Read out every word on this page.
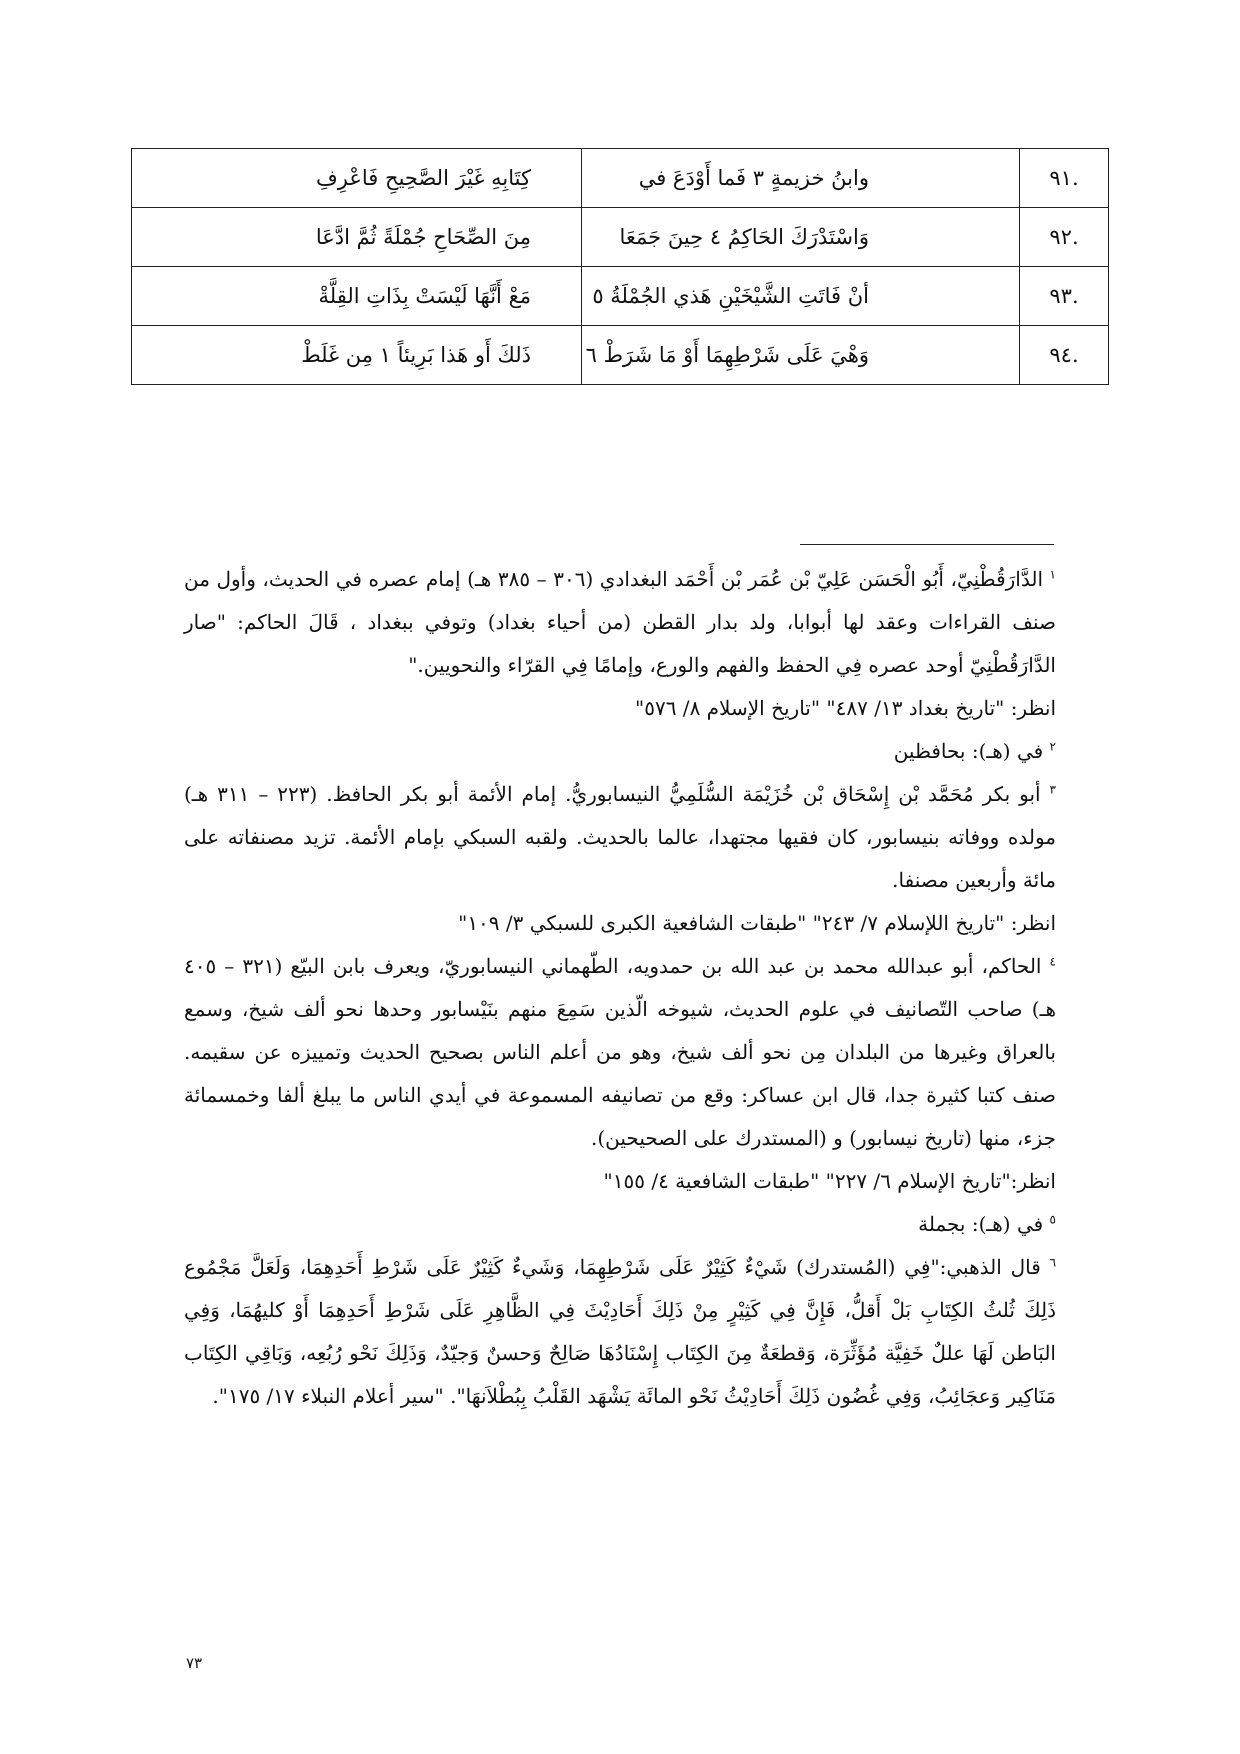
.٩١	وابنُ خزيمةٍ ٣ فَما أَوْدَعَ في	كِتَابِهِ غَيْرَ الصَّحِيحِ فَاعْرِفِ
.٩٢	وَاسْتَدْرَكَ الحَاكِمُ ٤ حِينَ جَمَعَا	مِنَ الصِّحَاحِ جُمْلَةً ثُمَّ ادَّعَا
.٩٣	أنْ فَاتَتِ الشَّيْخَيْنِ هَذي الجُمْلَةُ ٥	مَعْ أَنَّهَا لَيْسَتْ بِذَاتِ القِلَّةْ
.٩٤	وَهْيَ عَلَى شَرْطِهِمَا أَوْ مَا شَرَطْ ٦	ذَلكَ أَو هَذا بَرِيئاً ١ مِن غَلَطْ

$^١$ الدَّارَقُطْنِيّ، أَبُو الْحَسَن عَلِيّ بْن عُمَر بْن أَحْمَد البغدادي (٣٠٦ – ٣٨٥ هـ) إمام عصره في الحديث، وأول من صنف القراءات وعقد لها أبوابا، ولد بدار القطن (من أحياء بغداد) وتوفي ببغداد ، قَالَ الحاكم: "صار الدَّارَقُطْنِيّ أوحد عصره فِي الحفظ والفهم والورع، وإمامًا فِي القرّاء والنحويين."

انظر: "تاريخ بغداد ١٣/ ٤٨٧" "تاريخ الإسلام ٨/ ٥٧٦"

$^٢$ في (هـ): بحافظين

$^٣$ أبو بكر مُحَمَّد بْن إِسْحَاق بْن خُزَيْمَة السُّلَمِيُّ النيسابوريُّ. إمام الأئمة أبو بكر الحافظ. (٢٢٣ – ٣١١ هـ) مولده ووفاته بنيسابور، كان فقيها مجتهدا، عالما بالحديث. ولقبه السبكي بإمام الأئمة. تزيد مصنفاته على مائة وأربعين مصنفا.

انظر: "تاريخ اللإسلام ٧/ ٢٤٣" "طبقات الشافعية الكبرى للسبكي ٣/ ١٠٩"

$^٤$ الحاكم، أبو عبدالله محمد بن عبد الله بن حمدويه، الطّهماني النيسابوريّ، ويعرف بابن البيّع (٣٢١ – ٤٠٥ هـ) صاحب التّصانيف في علوم الحديث، شيوخه الّذين سَمِعَ منهم بنَيْسابور وحدها نحو ألف شيخ، وسمع بالعراق وغيرها من البلدان مِن نحو ألف شيخ، وهو من أعلم الناس بصحيح الحديث وتمييزه عن سقيمه. صنف كتبا كثيرة جدا، قال ابن عساكر: وقع من تصانيفه المسموعة في أيدي الناس ما يبلغ ألفا وخمسمائة جزء، منها (تاريخ نيسابور) و (المستدرك على الصحيحين).

انظر:"تاريخ الإسلام ٦/ ٢٢٧" "طبقات الشافعية ٤/ ١٥٥"

$^٥$ في (هـ): بجملة

$^٦$ قال الذهبي:"فِي (المُستدرك) شَيْءٌ كَثِيْرٌ عَلَى شَرْطِهِمَا، وَشَيءٌ كَثِيْرٌ عَلَى شَرْطِ أَحَدِهِمَا، وَلَعَلَّ مَجْمُوع ذَلِكَ ثُلثُ الكِتَابِ بَلْ أَقلُّ، فَإِنَّ فِي كَثِيْرٍ مِنْ ذَلِكَ أَحَادِيْثَ فِي الظَّاهِرِ عَلَى شَرْطِ أَحَدِهِمَا أَوْ كليهُمَا، وَفِي البَاطن لَهَا عللٌ خَفِيَّة مُؤَثِّرَة، وَقطعَةٌ مِنَ الكِتَاب إِسْنَادُهَا صَالِحٌ وَحسنٌ وَجيّدٌ، وَذَلِكَ نَحْو رُبُعِه، وَبَاقِي الكِتَاب مَنَاكِير وَعجَائِبُ، وَفِي غُضُون ذَلِكَ أَحَادِيْثُ نَحْو المائَة يَشْهَد القَلْبُ بِبُطْلاَنهَا". "سير أعلام النبلاء ١٧/ ١٧٥".

٧٣
